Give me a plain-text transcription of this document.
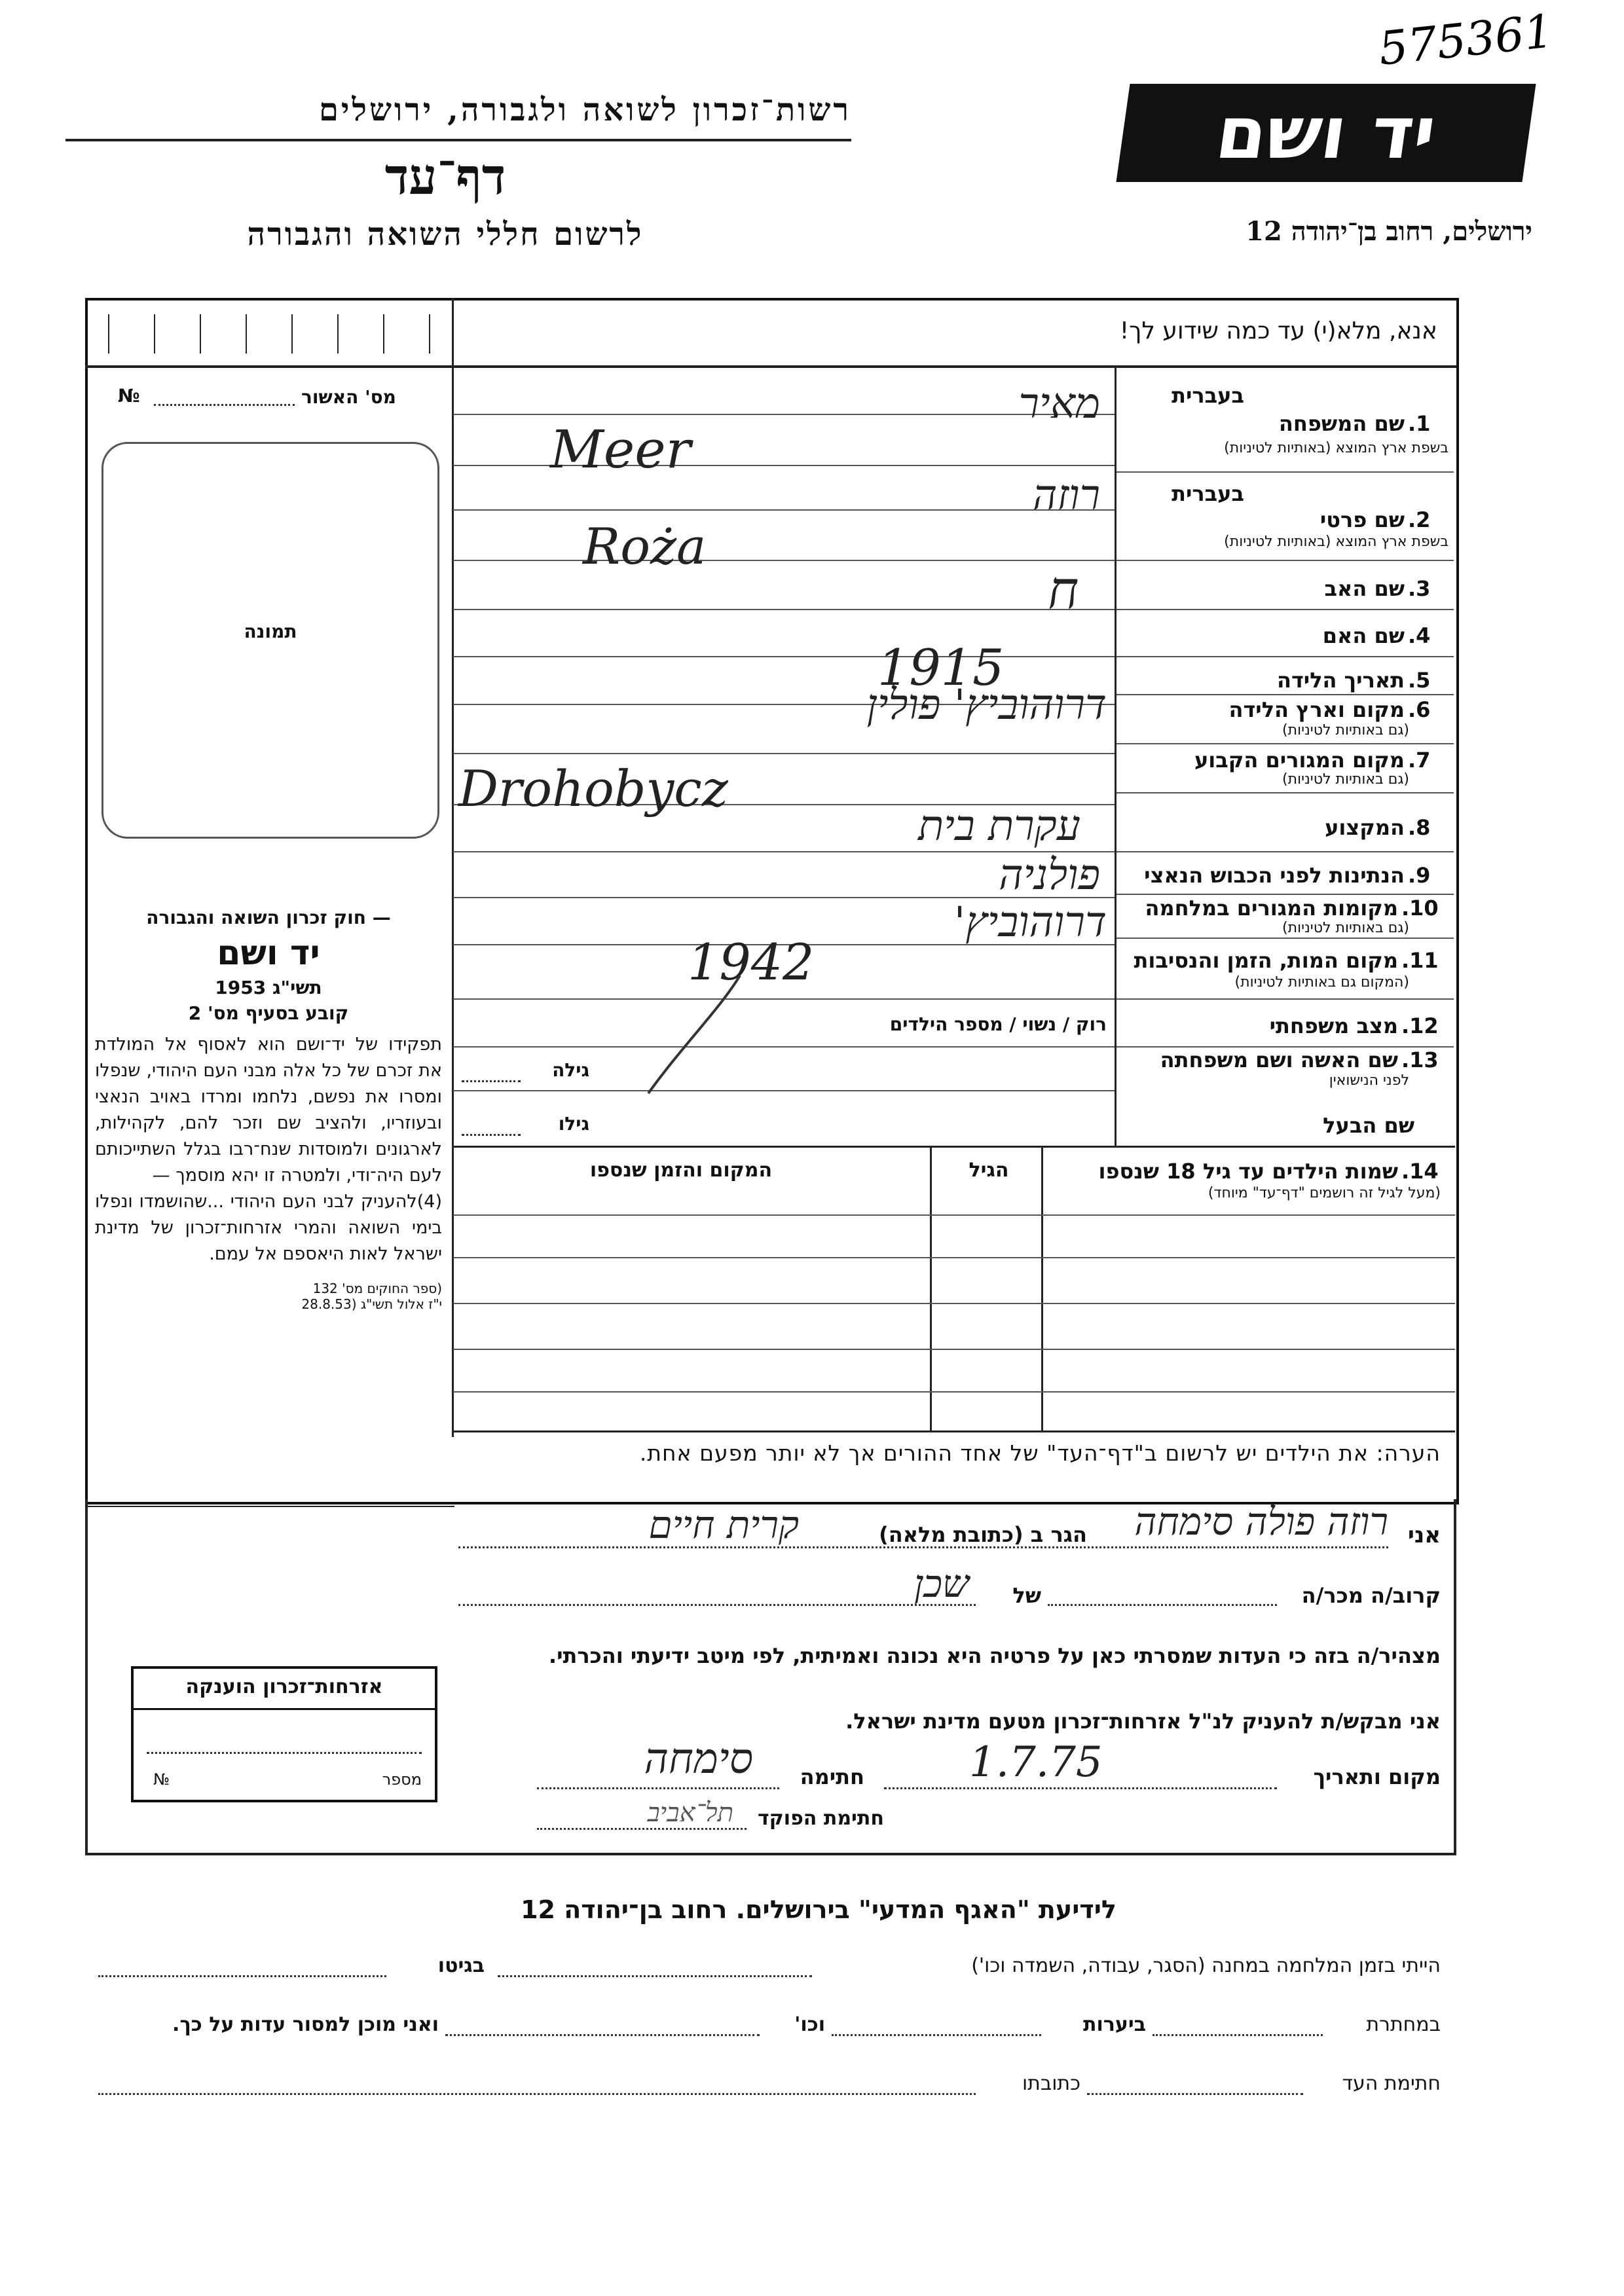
575361
רשות־זכרון לשואה ולגבורה, ירושלים
דף־עד
לרשום חללי השואה והגבורה
יד ושם
ירושלים, רחוב בן־יהודה 12
אנא, מלא(י) עד כמה שידוע לך!
מס' האשור
№
תמונה
— חוק זכרון השואה והגבורה
יד ושם
תשי"ג 1953
קובע בסעיף מס' 2
תפקידו של יד־ושם הוא לאסוף אל המולדת את זכרם של כל אלה מבני העם היהודי, שנפלו ומסרו את נפשם, נלחמו ומרדו באויב הנאצי ובעוזריו, ולהציב שם וזכר להם, לקהילות, לארגונים ולמוסדות שנח־רבו בגלל השתייכותם לעם היה־ודי, ולמטרה זו יהא מוסמך —
(4)להעניק לבני העם היהודי ...שהושמדו ונפלו בימי השואה והמרי אזרחות־זכרון של מדינת ישראל לאות היאספם אל עמם.
(ספר החוקים מס' 132
י"ז אלול תשי"ג (28.8.53
בעברית
1.
שם המשפחה
בשפת ארץ המוצא (באותיות לטיניות)
בעברית
2.
שם פרטי
בשפת ארץ המוצא (באותיות לטיניות)
3.
שם האב
4.
שם האם
5.
תאריך הלידה
6.
מקום וארץ הלידה
(גם באותיות לטיניות)
7.
מקום המגורים הקבוע
(גם באותיות לטיניות)
8.
המקצוע
9.
הנתינות לפני הכבוש הנאצי
10.
מקומות המגורים במלחמה
(גם באותיות לטיניות)
11.
מקום המות, הזמן והנסיבות
(המקום גם באותיות לטיניות)
12.
מצב משפחתי
רוק / נשוי / מספר הילדים
13.
שם האשה ושם משפחתה
לפני הנישואין
גילה
שם הבעל
גילו
14.
שמות הילדים עד גיל 18 שנספו
(מעל לגיל זה רושמים "דף־עד" מיוחד)
הגיל
המקום והזמן שנספו
הערה: את הילדים יש לרשום ב"דף־העד" של אחד ההורים אך לא יותר מפעם אחת.
מאיר
Meer
רוזה
Roża
ח
1915
דרוהוביץ' פולין
Drohobycz
עקרת בית
פולניה
דרוהוביץ'
1942
אני
רוזה פולה סימחה
הגר ב (כתובת מלאה)
קרית חיים
קרוב/ה מכר/ה
של
שכן
מצהיר/ה בזה כי העדות שמסרתי כאן על פרטיה היא נכונה ואמיתית, לפי מיטב ידיעתי והכרתי.
אני מבקש/ת להעניק לנ"ל אזרחות־זכרון מטעם מדינת ישראל.
מקום ותאריך
1.7.75
חתימה
סימחה
חתימת הפוקד
תל־אביב
אזרחות־זכרון הוענקה
מספר
№
לידיעת "האגף המדעי" בירושלים. רחוב בן־יהודה 12
הייתי בזמן המלחמה במחנה (הסגר, עבודה, השמדה וכו')
בגיטו
במחתרת
ביערות
וכו'
ואני מוכן למסור עדות על כך.
חתימת העד
כתובתו
